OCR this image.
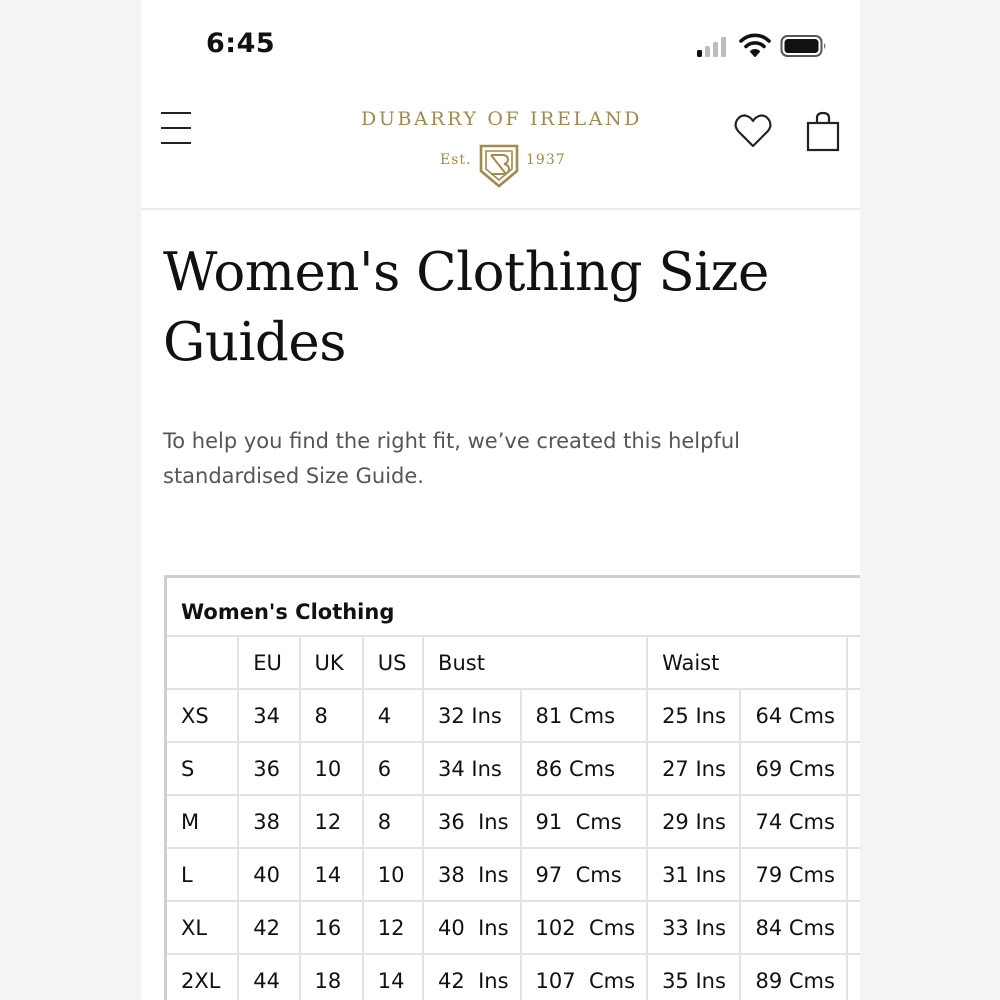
6:45
DUBARRY OF IRELAND
Est.	1937
Women's Clothing Size Guides

To help you find the right fit, we’ve created this helpful standardised Size Guide.

Women's Clothing
	EU	UK	US	Bust		Waist		
XS	34	8	4	32 Ins	81 Cms	25 Ins	64 Cms	
S	36	10	6	34 Ins	86 Cms	27 Ins	69 Cms	
M	38	12	8	36  Ins	91  Cms	29 Ins	74 Cms	
L	40	14	10	38  Ins	97  Cms	31 Ins	79 Cms	
XL	42	16	12	40  Ins	102  Cms	33 Ins	84 Cms	
2XL	44	18	14	42  Ins	107  Cms	35 Ins	89 Cms	
